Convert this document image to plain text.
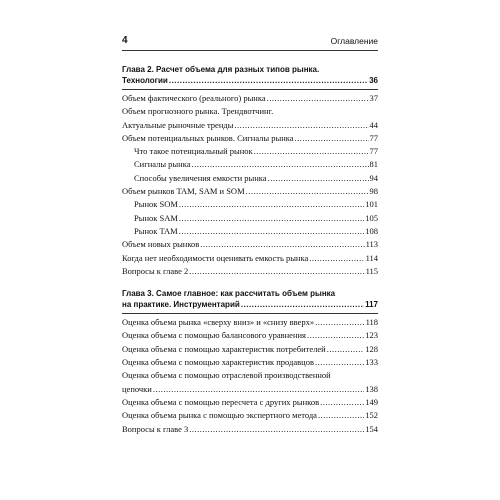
4	Оглавление
Глава 2. Расчет объема для разных типов рынка.
Технологии .....	36
Объем фактического (реального) рынка .....	37
Объем прогнозного рынка. Трендвотчинг.
Актуальные рыночные тренды .....	44
Объем потенциальных рынков. Сигналы рынка .....	77
Что такое потенциальный рынок .....	77
Сигналы рынка .....	81
Способы увеличения емкости рынка .....	94
Объем рынков TAM, SAM и SOM .....	98
Рынок SOM .....	101
Рынок SAM .....	105
Рынок TAM .....	108
Объем новых рынков .....	113
Когда нет необходимости оценивать емкость рынка .....	114
Вопросы к главе 2 .....	115
Глава 3. Самое главное: как рассчитать объем рынка
на практике. Инструментарий .....	117
Оценка объема рынка «сверху вниз» и «снизу вверх» .....	118
Оценка объема с помощью балансового уравнения .....	123
Оценка объема с помощью характеристик потребителей .....	128
Оценка объема с помощью характеристик продавцов .....	133
Оценка объема с помощью отраслевой производственной
цепочки .....	138
Оценка объема с помощью пересчета с других рынков .....	149
Оценка объема рынка с помощью экспертного метода .....	152
Вопросы к главе 3 .....	154
